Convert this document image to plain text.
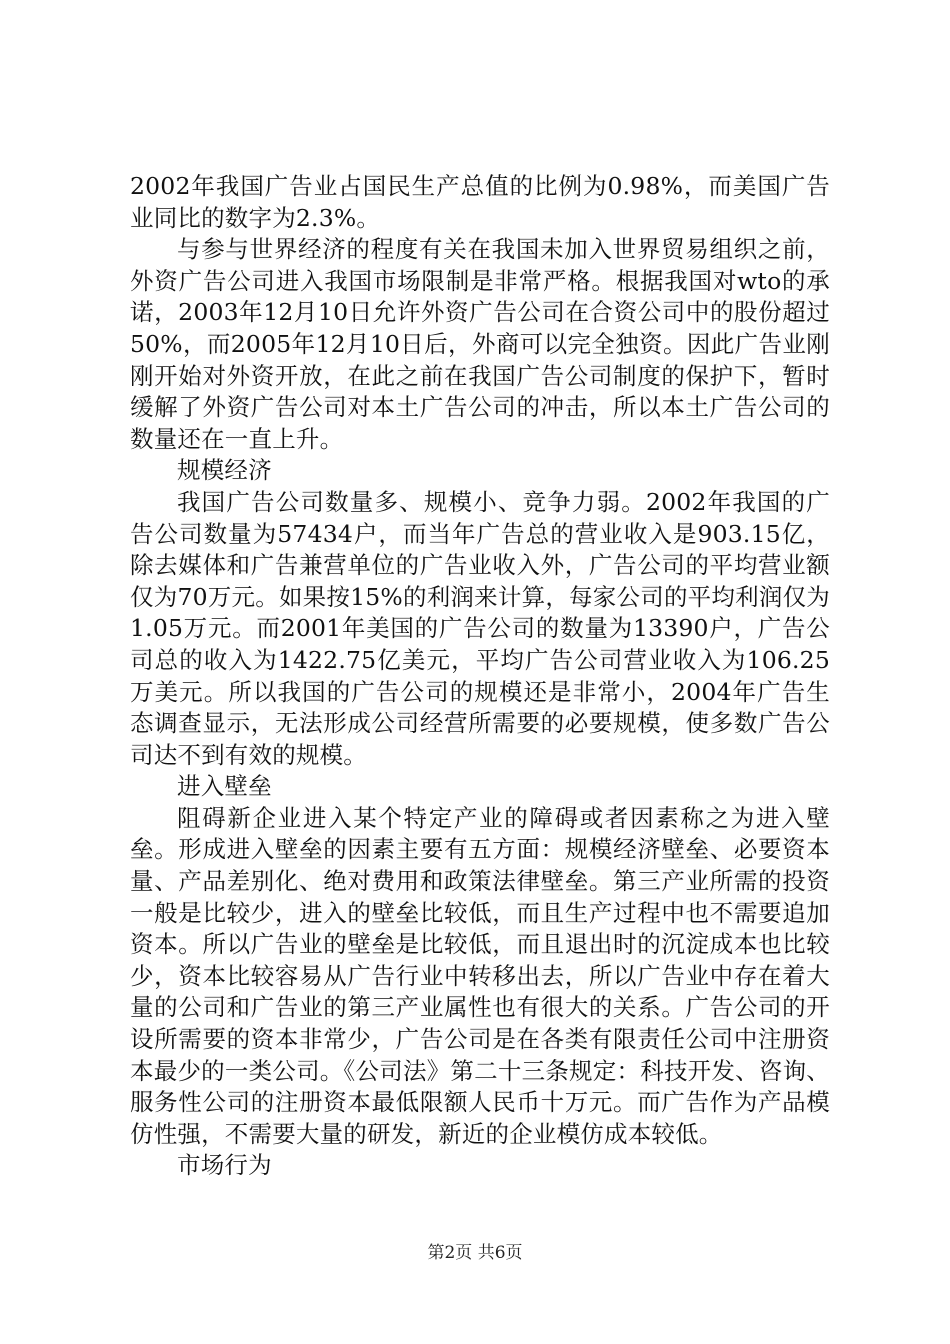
2002年我国广告业占国民生产总值的比例为0.98%，而美国广告业同比的数字为2.3%。

与参与世界经济的程度有关在我国未加入世界贸易组织之前，外资广告公司进入我国市场限制是非常严格。根据我国对wto的承诺，2003年12月10日允许外资广告公司在合资公司中的股份超过50%，而2005年12月10日后，外商可以完全独资。因此广告业刚刚开始对外资开放，在此之前在我国广告公司制度的保护下，暂时缓解了外资广告公司对本土广告公司的冲击，所以本土广告公司的数量还在一直上升。

规模经济

我国广告公司数量多、规模小、竞争力弱。2002年我国的广告公司数量为57434户，而当年广告总的营业收入是903.15亿，除去媒体和广告兼营单位的广告业收入外，广告公司的平均营业额仅为70万元。如果按15%的利润来计算，每家公司的平均利润仅为1.05万元。而2001年美国的广告公司的数量为13390户，广告公司总的收入为1422.75亿美元，平均广告公司营业收入为106.25万美元。所以我国的广告公司的规模还是非常小，2004年广告生态调查显示，无法形成公司经营所需要的必要规模，使多数广告公司达不到有效的规模。

进入壁垒

阻碍新企业进入某个特定产业的障碍或者因素称之为进入壁垒。形成进入壁垒的因素主要有五方面：规模经济壁垒、必要资本量、产品差别化、绝对费用和政策法律壁垒。第三产业所需的投资一般是比较少，进入的壁垒比较低，而且生产过程中也不需要追加资本。所以广告业的壁垒是比较低，而且退出时的沉淀成本也比较少，资本比较容易从广告行业中转移出去，所以广告业中存在着大量的公司和广告业的第三产业属性也有很大的关系。广告公司的开设所需要的资本非常少，广告公司是在各类有限责任公司中注册资本最少的一类公司。《公司法》第二十三条规定：科技开发、咨询、服务性公司的注册资本最低限额人民币十万元。而广告作为产品模仿性强，不需要大量的研发，新近的企业模仿成本较低。

市场行为

第2页 共6页
